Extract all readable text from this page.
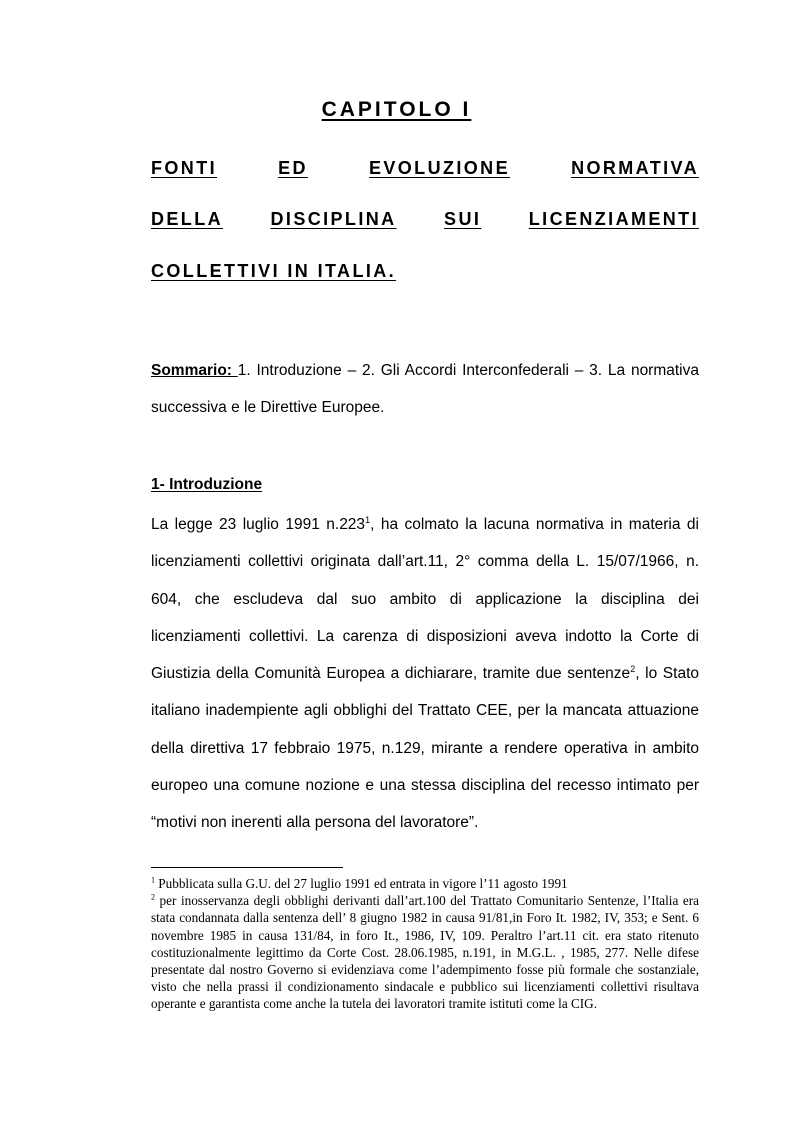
CAPITOLO I
FONTI	ED	EVOLUZIONE	NORMATIVA
DELLA	DISCIPLINA	SUI	LICENZIAMENTI
COLLETTIVI IN ITALIA.
Sommario: 1. Introduzione – 2. Gli Accordi Interconfederali – 3. La normativa successiva e le Direttive Europee.
1- Introduzione
La legge 23 luglio 1991 n.223$^1$, ha colmato la lacuna normativa in materia di licenziamenti collettivi originata dall’art.11, 2° comma della L. 15/07/1966, n. 604, che escludeva dal suo ambito di applicazione la disciplina dei licenziamenti collettivi. La carenza di disposizioni aveva indotto la Corte di Giustizia della Comunità Europea a dichiarare, tramite due sentenze$^2$, lo Stato italiano inadempiente agli obblighi del Trattato CEE, per la mancata attuazione della direttiva 17 febbraio 1975, n.129, mirante a rendere operativa in ambito europeo una comune nozione e una stessa disciplina del recesso intimato per “motivi non inerenti alla persona del lavoratore”.

$^1$ Pubblicata sulla G.U. del 27 luglio 1991 ed entrata in vigore l’11 agosto 1991

$^2$ per inosservanza degli obblighi derivanti dall’art.100 del Trattato Comunitario Sentenze, l’Italia era stata condannata dalla sentenza dell’ 8 giugno 1982 in causa 91/81,in Foro It. 1982, IV, 353; e Sent. 6 novembre 1985 in causa 131/84, in foro It., 1986, IV, 109. Peraltro l’art.11 cit. era stato ritenuto costituzionalmente legittimo da Corte Cost. 28.06.1985, n.191, in M.G.L. , 1985, 277. Nelle difese presentate dal nostro Governo si evidenziava come l’adempimento fosse più formale che sostanziale, visto che nella prassi il condizionamento sindacale e pubblico sui licenziamenti collettivi risultava operante e garantista come anche la tutela dei lavoratori tramite istituti come la CIG.
